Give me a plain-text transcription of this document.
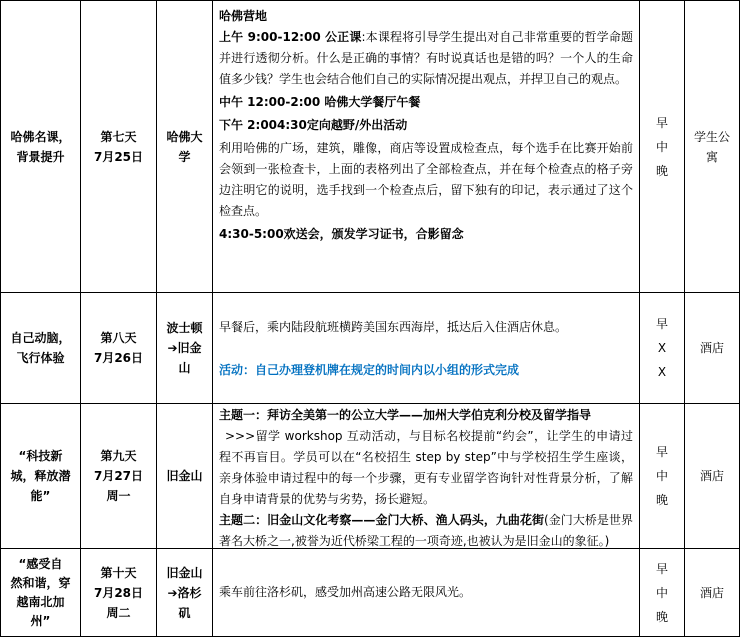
哈佛名课，
背景提升
第七天
7月25日
哈佛大
学

哈佛营地

上午 9:00-12:00 公正课:本课程将引导学生提出对自己非常重要的哲学命题并进行透彻分析。什么是正确的事情？有时说真话也是错的吗？一个人的生命值多少钱？学生也会结合他们自己的实际情况提出观点，并捍卫自己的观点。

中午 12:00-2:00 哈佛大学餐厅午餐

下午 2:004:30定向越野/外出活动

利用哈佛的广场，建筑，雕像，商店等设置成检查点，每个选手在比赛开始前会领到一张检查卡，上面的表格列出了全部检查点，并在每个检查点的格子旁边注明它的说明，选手找到一个检查点后，留下独有的印记，表示通过了这个检查点。

4:30-5:00欢送会，颁发学习证书，合影留念

早
中
晚
学生公
寓
自己动脑，
飞行体验
第八天
7月26日
波士顿
➔旧金
山

早餐后，乘内陆段航班横跨美国东西海岸，抵达后入住酒店休息。

活动：自己办理登机牌在规定的时间内以小组的形式完成

早
X
X
酒店
“科技新
城，释放潜
能”
第九天
7月27日
周一
旧金山

主题一：拜访全美第一的公立大学——加州大学伯克利分校及留学指导

>>>留学 workshop 互动活动，与目标名校提前“约会”，让学生的申请过程不再盲目。学员可以在“名校招生 step by step”中与学校招生学生座谈，亲身体验申请过程中的每一个步骤，更有专业留学咨询针对性背景分析，了解自身申请背景的优势与劣势，扬长避短。

主题二：旧金山文化考察——金门大桥、渔人码头，九曲花街(金门大桥是世界著名大桥之一,被誉为近代桥梁工程的一项奇迹,也被认为是旧金山的象征。)

早
中
晚
酒店
“感受自
然和谐，穿
越南北加
州”
第十天
7月28日
周二
旧金山
➔洛杉
矶

乘车前往洛杉矶，感受加州高速公路无限风光。

早
中
晚
酒店
